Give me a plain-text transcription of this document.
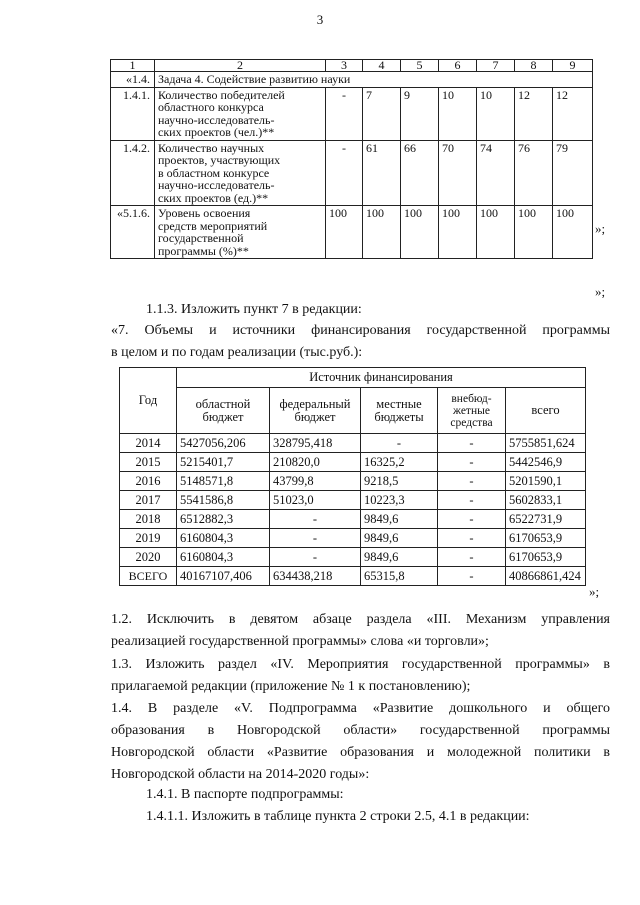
3
1	2	3	4	5	6	7	8	9
«1.4.	Задача 4. Содействие развитию науки							
1.4.1.	Количество победителей
областного конкурса
научно-исследователь-
ских проектов (чел.)**	-	7	9	10	10	12	12
1.4.2.	Количество научных
проектов, участвующих
в областном конкурсе
научно-исследователь-
ских проектов (ед.)**	-	61	66	70	74	76	79
«5.1.6.	Уровень освоения
средств мероприятий
государственной
программы (%)**	100	100	100	100	100	100	100
»;
»;
1.1.3. Изложить пункт 7 в редакции:
«7. Объемы и источники финансирования государственной программы
в целом и по годам реализации (тыс.руб.):
Год	Источник финансирования				
	областной бюджет	федеральный бюджет	местные бюджеты	внебюд-жетные средства	всего
2014	5427056,206	328795,418	-	-	5755851,624
2015	5215401,7	210820,0	16325,2	-	5442546,9
2016	5148571,8	43799,8	9218,5	-	5201590,1
2017	5541586,8	51023,0	10223,3	-	5602833,1
2018	6512882,3	-	9849,6	-	6522731,9
2019	6160804,3	-	9849,6	-	6170653,9
2020	6160804,3	-	9849,6	-	6170653,9
ВСЕГО	40167107,406	634438,218	65315,8	-	40866861,424
»;
1.2. Исключить в девятом абзаце раздела «III. Механизм управления
реализацией государственной программы» слова «и торговли»;
1.3. Изложить раздел «IV. Мероприятия государственной программы» в
прилагаемой редакции (приложение № 1 к постановлению);
1.4. В разделе «V. Подпрограмма «Развитие дошкольного и общего
образования в Новгородской области» государственной программы
Новгородской области «Развитие образования и молодежной политики в
Новгородской области на 2014-2020 годы»:
1.4.1. В паспорте подпрограммы:
1.4.1.1. Изложить в таблице пункта 2 строки 2.5, 4.1 в редакции:
